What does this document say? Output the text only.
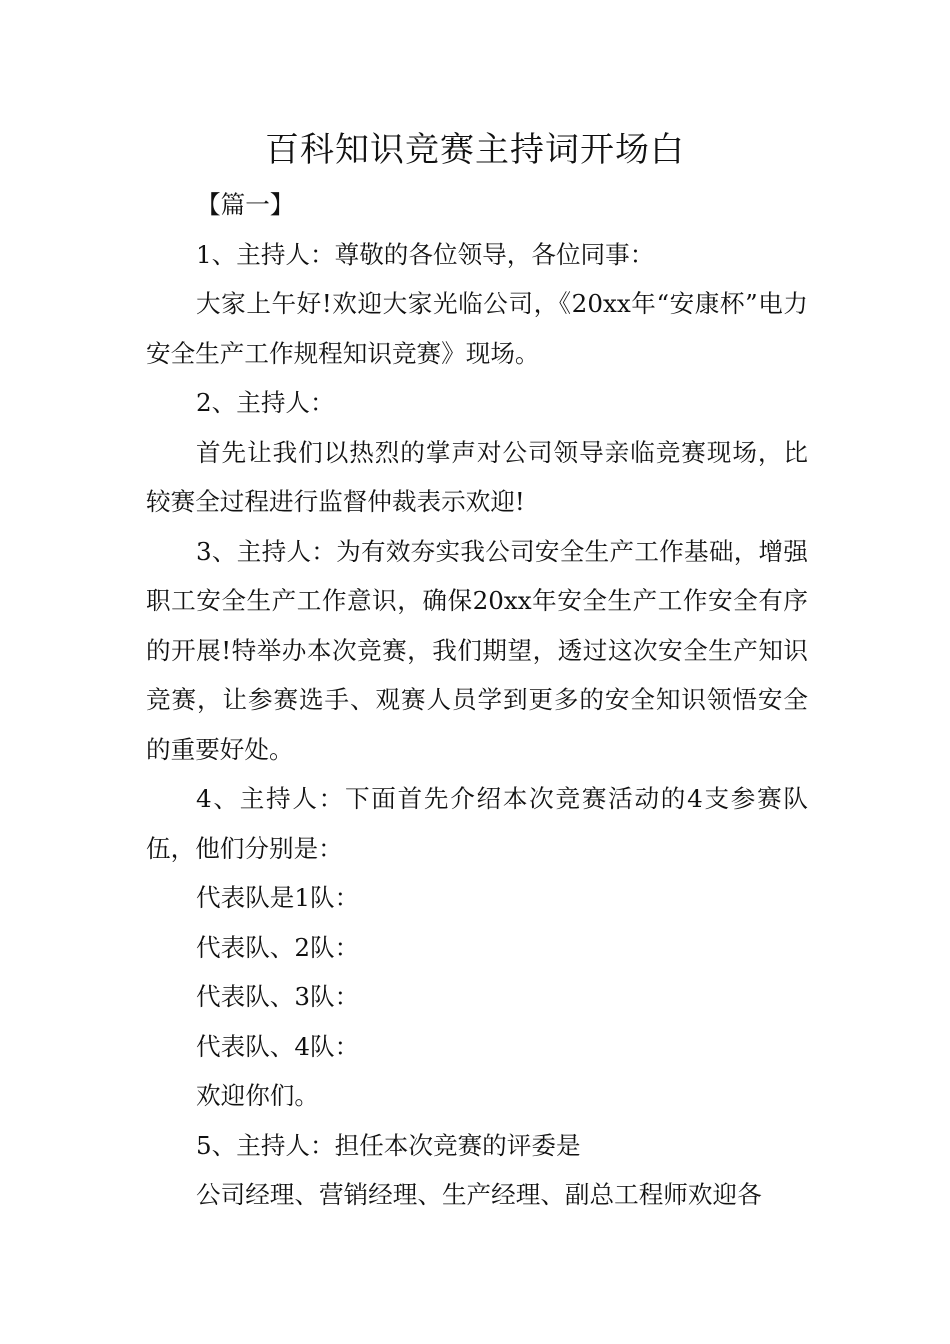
百科知识竞赛主持词开场白

【篇一】

1、主持人：尊敬的各位领导，各位同事：

大家上午好!欢迎大家光临公司，《20xx年“安康杯”电力安全生产工作规程知识竞赛》现场。

2、主持人：

首先让我们以热烈的掌声对公司领导亲临竞赛现场，比较赛全过程进行监督仲裁表示欢迎!

3、主持人：为有效夯实我公司安全生产工作基础，增强职工安全生产工作意识，确保20xx年安全生产工作安全有序的开展!特举办本次竞赛，我们期望，透过这次安全生产知识竞赛，让参赛选手、观赛人员学到更多的安全知识领悟安全的重要好处。

4、主持人：下面首先介绍本次竞赛活动的4支参赛队伍，他们分别是：

代表队是1队：

代表队、2队：

代表队、3队：

代表队、4队：

欢迎你们。

5、主持人：担任本次竞赛的评委是

公司经理、营销经理、生产经理、副总工程师欢迎各
